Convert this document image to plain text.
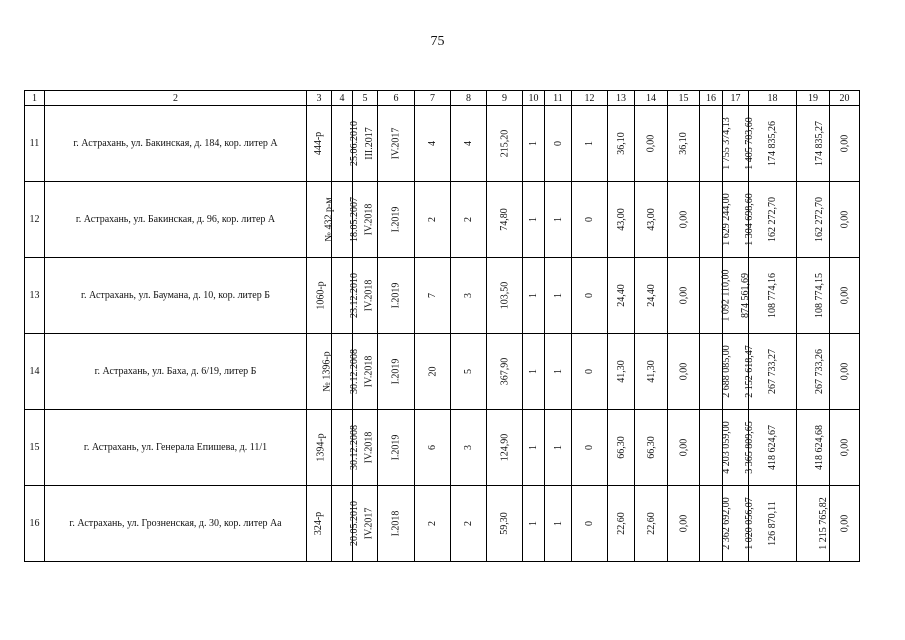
75
1	2	3	4	5	6	7	8	9	10	11	12	13	14	15	16	17	18	19	20
11	г. Астрахань, ул. Бакинская, д. 184, кор. литер А	444-р	25.06.2010	III.2017	IV.2017	4	4	215,20	1	0	1	36,10	0,00	36,10	1 755 374,13	1 405 703,60	174 835,26	174 835,27	0,00
12	г. Астрахань, ул. Бакинская, д. 96, кор. литер А	№ 432 р-м	18.05.2007	IV.2018	I.2019	2	2	74,80	1	1	0	43,00	43,00	0,00	1 629 244,00	1 304 698,60	162 272,70	162 272,70	0,00
13	г. Астрахань, ул. Баумана, д. 10, кор. литер Б	1060-р	23.12.2010	IV.2018	I.2019	7	3	103,50	1	1	0	24,40	24,40	0,00	1 092 110,00	874 561,69	108 774,16	108 774,15	0,00
14	г. Астрахань, ул. Баха, д. 6/19, литер Б	№ 1396-р	30.12.2008	IV.2018	I.2019	20	5	367,90	1	1	0	41,30	41,30	0,00	2 688 085,00	2 152 618,47	267 733,27	267 733,26	0,00
15	г. Астрахань, ул. Генерала Епишева, д. 11/1	1394-р	30.12.2008	IV.2018	I.2019	6	3	124,90	1	1	0	66,30	66,30	0,00	4 203 059,00	3 365 809,65	418 624,67	418 624,68	0,00
16	г. Астрахань, ул. Грозненская, д. 30, кор. литер Аа	324-р	20.05.2010	IV.2017	I.2018	2	2	59,30	1	1	0	22,60	22,60	0,00	2 362 692,00	1 020 056,07	126 870,11	1 215 765,82	0,00
